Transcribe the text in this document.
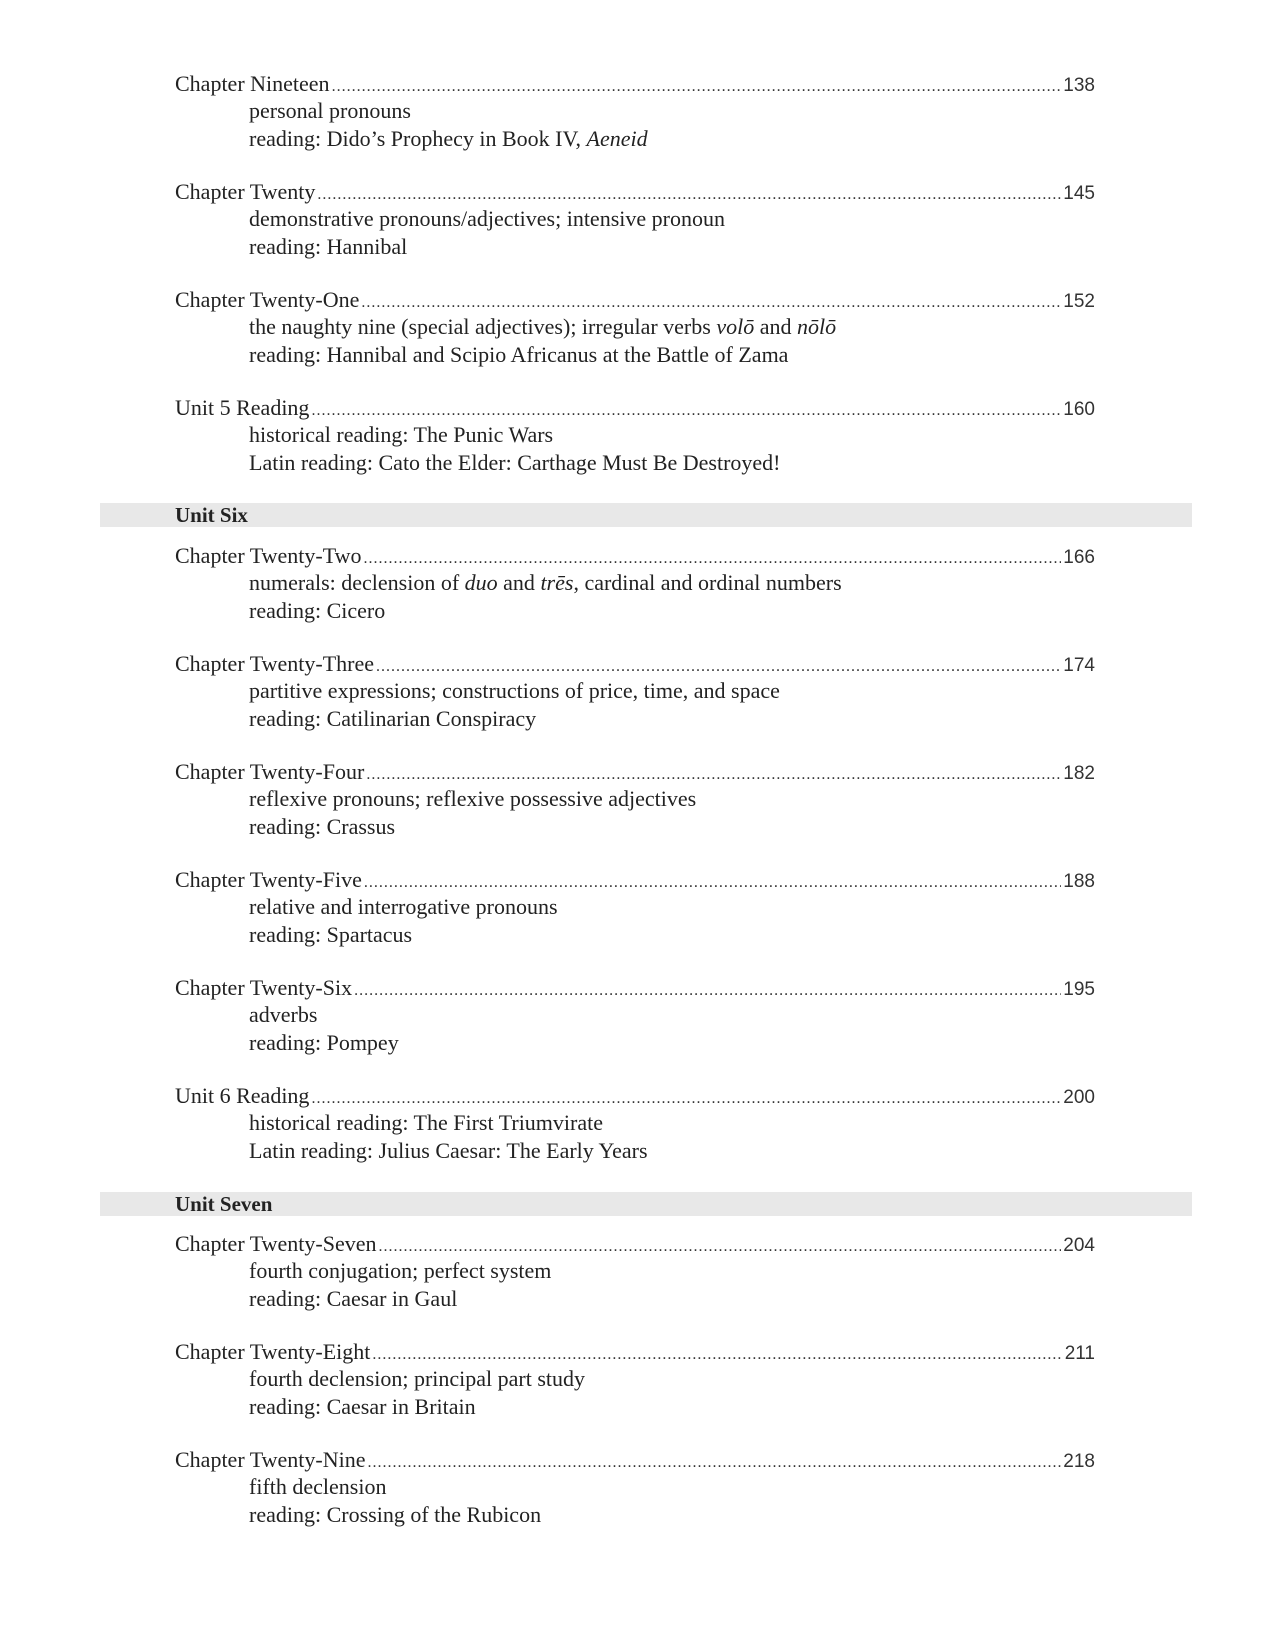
Chapter Nineteen .....	138
personal pronouns
reading: Dido’s Prophecy in Book IV, Aeneid
Chapter Twenty .....	145
demonstrative pronouns/adjectives; intensive pronoun
reading: Hannibal
Chapter Twenty-One .....	152
the naughty nine (special adjectives); irregular verbs volō and nōlō
reading: Hannibal and Scipio Africanus at the Battle of Zama
Unit 5 Reading .....	160
historical reading: The Punic Wars
Latin reading: Cato the Elder: Carthage Must Be Destroyed!
Unit Six
Chapter Twenty-Two .....	166
numerals: declension of duo and trēs, cardinal and ordinal numbers
reading: Cicero
Chapter Twenty-Three .....	174
partitive expressions; constructions of price, time, and space
reading: Catilinarian Conspiracy
Chapter Twenty-Four .....	182
reflexive pronouns; reflexive possessive adjectives
reading: Crassus
Chapter Twenty-Five .....	188
relative and interrogative pronouns
reading: Spartacus
Chapter Twenty-Six .....	195
adverbs
reading: Pompey
Unit 6 Reading .....	200
historical reading: The First Triumvirate
Latin reading: Julius Caesar: The Early Years
Unit Seven
Chapter Twenty-Seven .....	204
fourth conjugation; perfect system
reading: Caesar in Gaul
Chapter Twenty-Eight .....	211
fourth declension; principal part study
reading: Caesar in Britain
Chapter Twenty-Nine .....	218
fifth declension
reading: Crossing of the Rubicon
